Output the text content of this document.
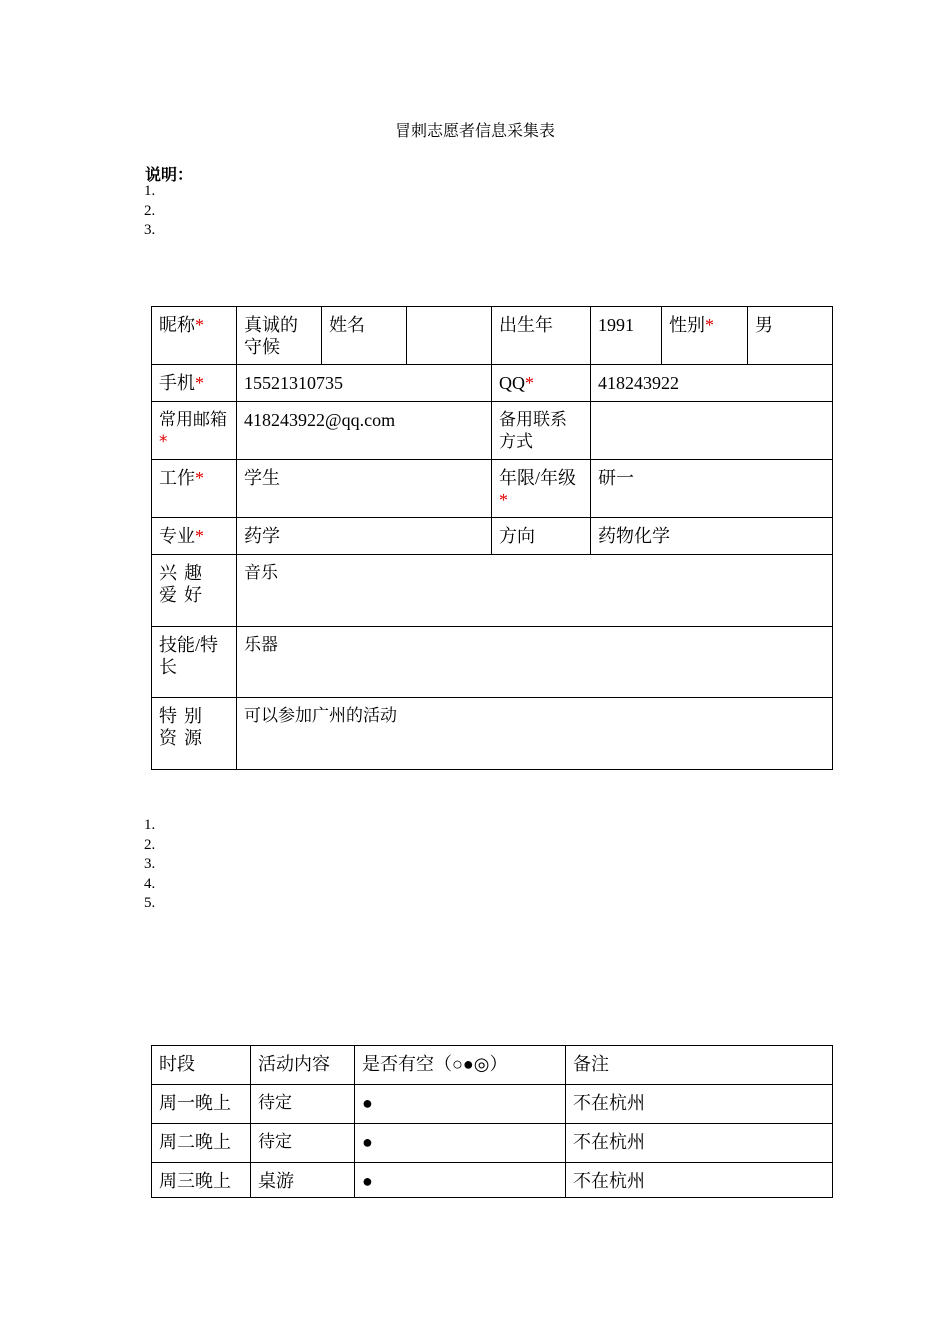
冒刺志愿者信息采集表
说明：
1.
2.
3.
昵称*	真诚的守候	姓名		出生年	1991	性别*	男
手机*	15521310735			QQ*	418243922		
常用邮箱*	418243922@qq.com			备用联系方式			
工作*	学生			年限/年级*	研一		
专业*	药学			方向	药物化学		
兴趣爱好	音乐						
技能/特长	乐器						
特别资源	可以参加广州的活动						
1.
2.
3.
4.
5.
时段	活动内容	是否有空（○●◎）	备注
周一晚上	待定	●	不在杭州
周二晚上	待定	●	不在杭州
周三晚上	桌游	●	不在杭州
